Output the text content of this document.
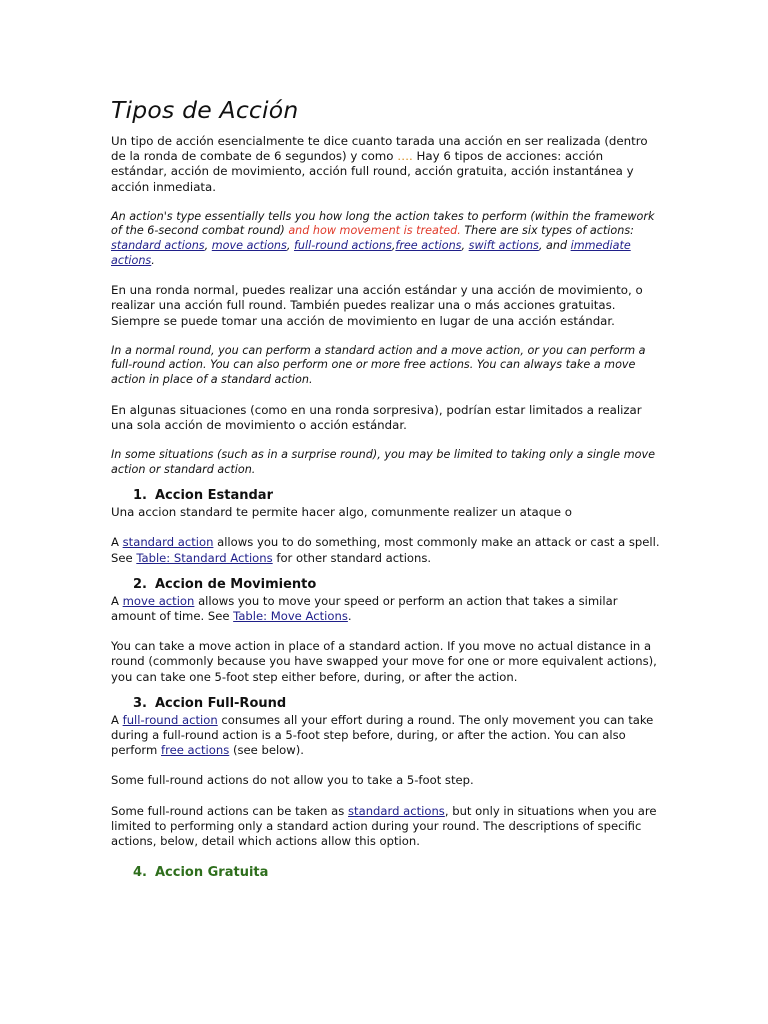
Tipos de Acción

Un tipo de acción esencialmente te dice cuanto tarada una acción en ser realizada (dentro de la ronda de combate de 6 segundos) y como …. Hay 6 tipos de acciones: acción estándar, acción de movimiento, acción full round, acción gratuita, acción instantánea y acción inmediata.

An action's type essentially tells you how long the action takes to perform (within the framework of the 6-second combat round) and how movement is treated. There are six types of actions: standard actions, move actions, full-round actions,free actions, swift actions, and immediate actions.

En una ronda normal, puedes realizar una acción estándar y una acción de movimiento, o realizar una acción full round. También puedes realizar una o más acciones gratuitas. Siempre se puede tomar una acción de movimiento en lugar de una acción estándar.

In a normal round, you can perform a standard action and a move action, or you can perform a full-round action. You can also perform one or more free actions. You can always take a move action in place of a standard action.

En algunas situaciones (como en una ronda sorpresiva), podrían estar limitados a realizar una sola acción de movimiento o acción estándar.

In some situations (such as in a surprise round), you may be limited to taking only a single move action or standard action.

1. Accion Estandar

Una accion standard te permite hacer algo, comunmente realizer un ataque o

A standard action allows you to do something, most commonly make an attack or cast a spell. See Table: Standard Actions for other standard actions.

2. Accion de Movimiento

A move action allows you to move your speed or perform an action that takes a similar amount of time. See Table: Move Actions.

You can take a move action in place of a standard action. If you move no actual distance in a round (commonly because you have swapped your move for one or more equivalent actions), you can take one 5-foot step either before, during, or after the action.

3. Accion Full-Round

A full-round action consumes all your effort during a round. The only movement you can take during a full-round action is a 5-foot step before, during, or after the action. You can also perform free actions (see below).

Some full-round actions do not allow you to take a 5-foot step.

Some full-round actions can be taken as standard actions, but only in situations when you are limited to performing only a standard action during your round. The descriptions of specific actions, below, detail which actions allow this option.

4. Accion Gratuita
